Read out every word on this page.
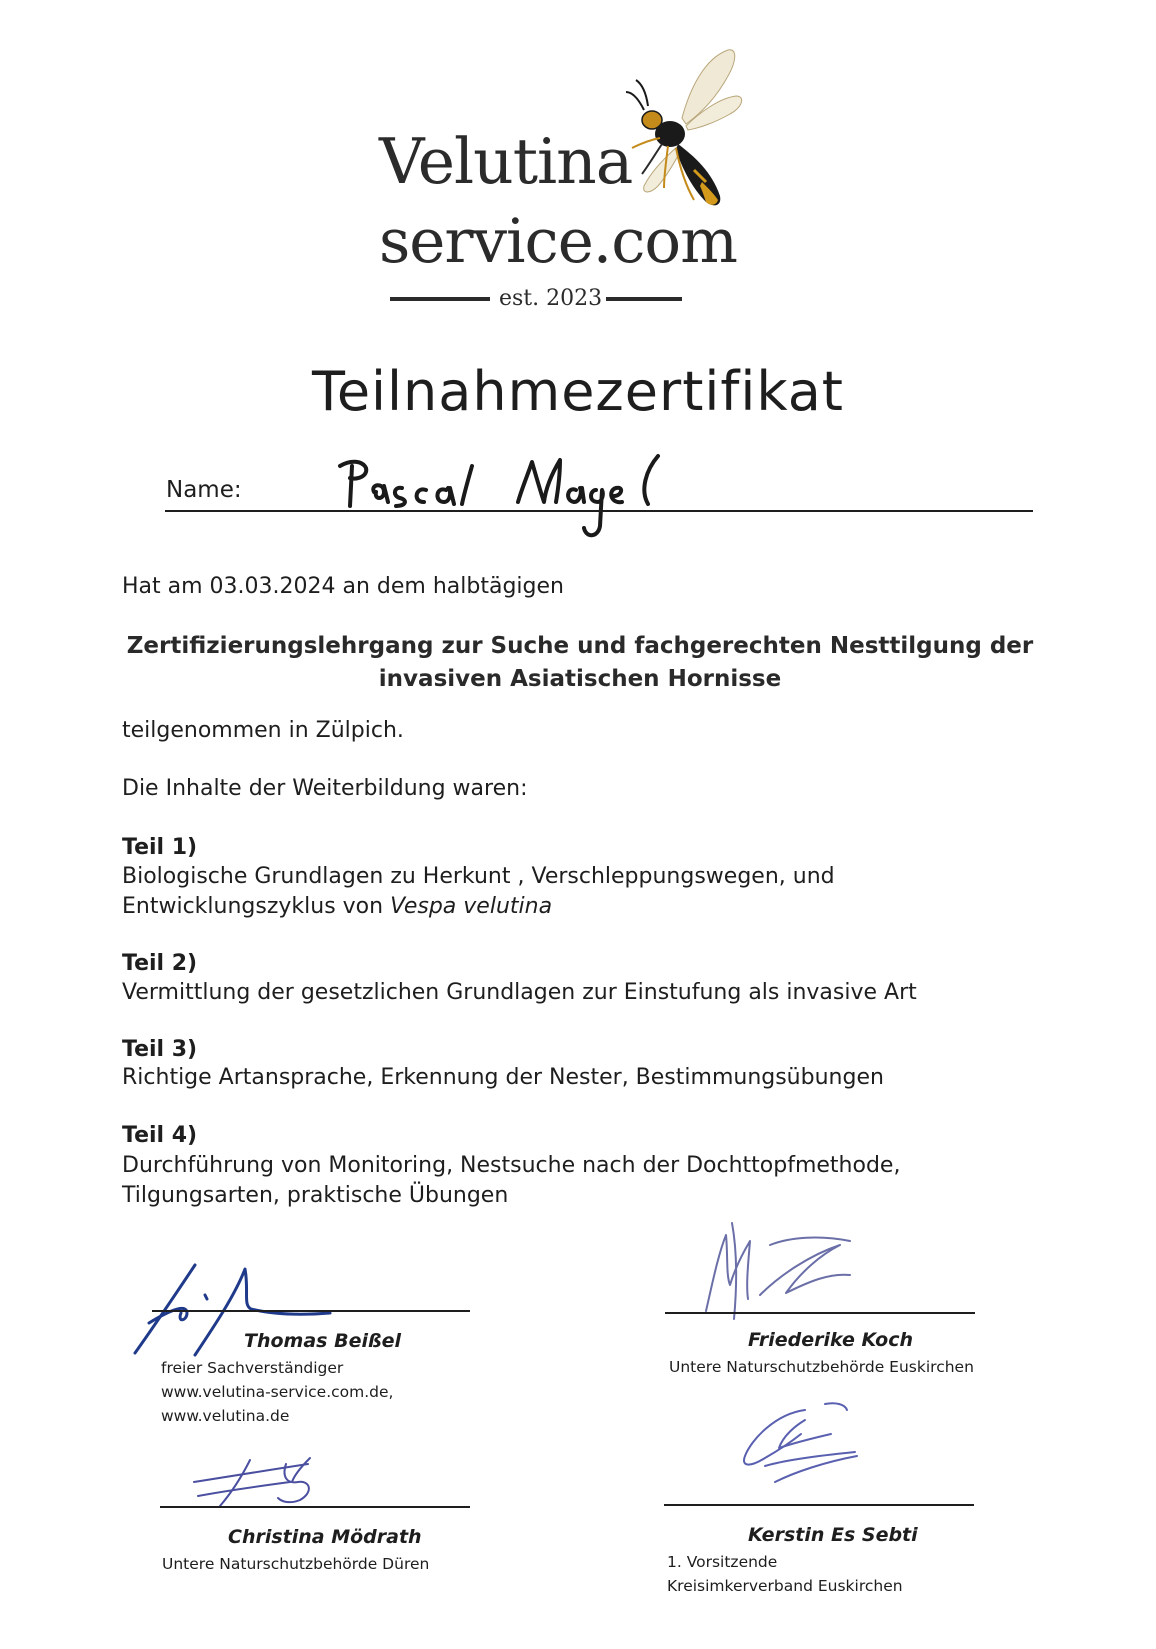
Velutina
service.com
est. 2023
Teilnahmezertifikat
Name:
Hat am 03.03.2024 an dem halbtägigen
Zertifizierungslehrgang zur Suche und fachgerechten Nesttilgung der
invasiven Asiatischen Hornisse
teilgenommen in Zülpich.
Die Inhalte der Weiterbildung waren:
Teil 1)
Biologische Grundlagen zu Herkunt , Verschleppungswegen, und
Entwicklungszyklus von Vespa velutina
Teil 2)
Vermittlung der gesetzlichen Grundlagen zur Einstufung als invasive Art
Teil 3)
Richtige Artansprache, Erkennung der Nester, Bestimmungsübungen
Teil 4)
Durchführung von Monitoring, Nestsuche nach der Dochttopfmethode,
Tilgungsarten, praktische Übungen
Thomas Beißel
freier Sachverständiger
www.velutina-service.com.de,
www.velutina.de
Friederike Koch
Untere Naturschutzbehörde Euskirchen
Christina Mödrath
Untere Naturschutzbehörde Düren
Kerstin Es Sebti
1. Vorsitzende
Kreisimkerverband Euskirchen
